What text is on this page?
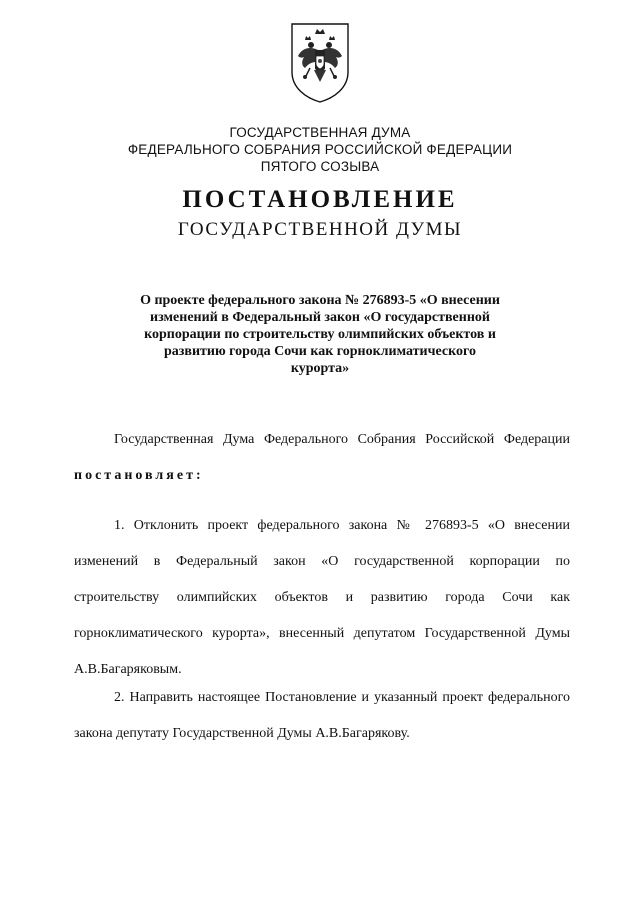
ГОСУДАРСТВЕННАЯ ДУМА
ФЕДЕРАЛЬНОГО СОБРАНИЯ РОССИЙСКОЙ ФЕДЕРАЦИИ
ПЯТОГО СОЗЫВА
ПОСТАНОВЛЕНИЕ
ГОСУДАРСТВЕННОЙ ДУМЫ
О проекте федерального закона № 276893-5 «О внесении
изменений в Федеральный закон «О государственной
корпорации по строительству олимпийских объектов и
развитию города Сочи как горноклиматического
курорта»
Государственная Дума Федерального Собрания Российской Федерации постановляет:
1. Отклонить проект федерального закона № 276893-5 «О внесении изменений в Федеральный закон «О государственной корпорации по строительству олимпийских объектов и развитию города Сочи как горноклиматического курорта», внесенный депутатом Государственной Думы А.В.Багаряковым.
2. Направить настоящее Постановление и указанный проект федерального закона депутату Государственной Думы А.В.Багарякову.
